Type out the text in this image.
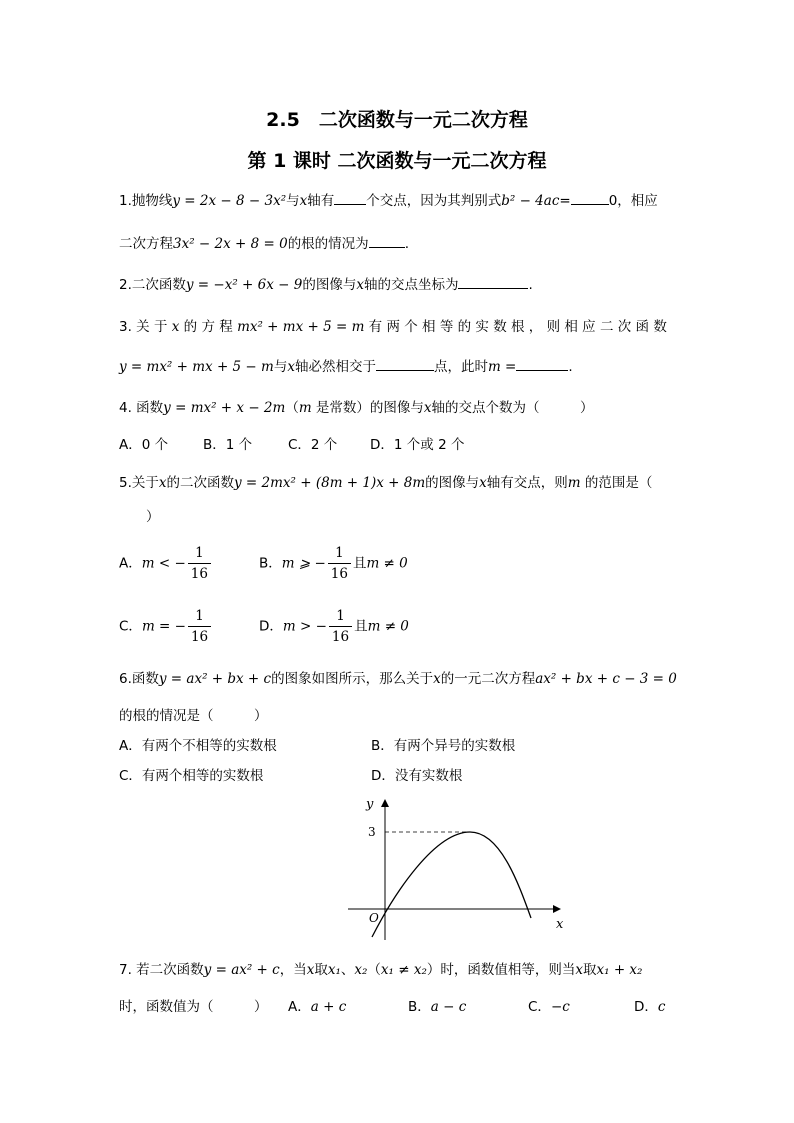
2.5　二次函数与一元二次方程
第 1 课时 二次函数与一元二次方程
1.抛物线y = 2x − 8 − 3x²与x轴有 个交点，因为其判别式b² − 4ac=	0，相应
二次方程3x² − 2x + 8 = 0的根的情况为	.
2.二次函数y = −x² + 6x − 9的图像与x轴的交点坐标为	.
3. 关 于 x 的 方 程 mx² + mx + 5 = m 有 两 个 相 等 的 实 数 根 ， 则 相 应 二 次 函 数
y = mx² + mx + 5 − m与x轴必然相交于	点，此时m =	.
4. 函数y = mx² + x − 2m（m 是常数）的图像与x轴的交点个数为（　　　）
A．0 个	B．1 个	C．2 个 D．1 个或 2 个
5.关于x的二次函数y = 2mx² + (8m + 1)x + 8m的图像与x轴有交点，则m 的范围是（
）
A．m < − $\frac{1}{16}$	B．m ⩾ − $\frac{1}{16}$ 且m ≠ 0
C．m = − $\frac{1}{16}$	D．m > − $\frac{1}{16}$ 且m ≠ 0
6.函数y = ax² + bx + c的图象如图所示，那么关于x的一元二次方程ax² + bx + c − 3 = 0
的根的情况是（　　　）
A．有两个不相等的实数根	B．有两个异号的实数根
C．有两个相等的实数根	D．没有实数根
y
x
O
3
7. 若二次函数y = ax² + c，当x取x₁、x₂（x₁ ≠ x₂）时，函数值相等，则当x取x₁ + x₂
时，函数值为（　　　） A．a + c	B．a − c	C．−c	D．c
